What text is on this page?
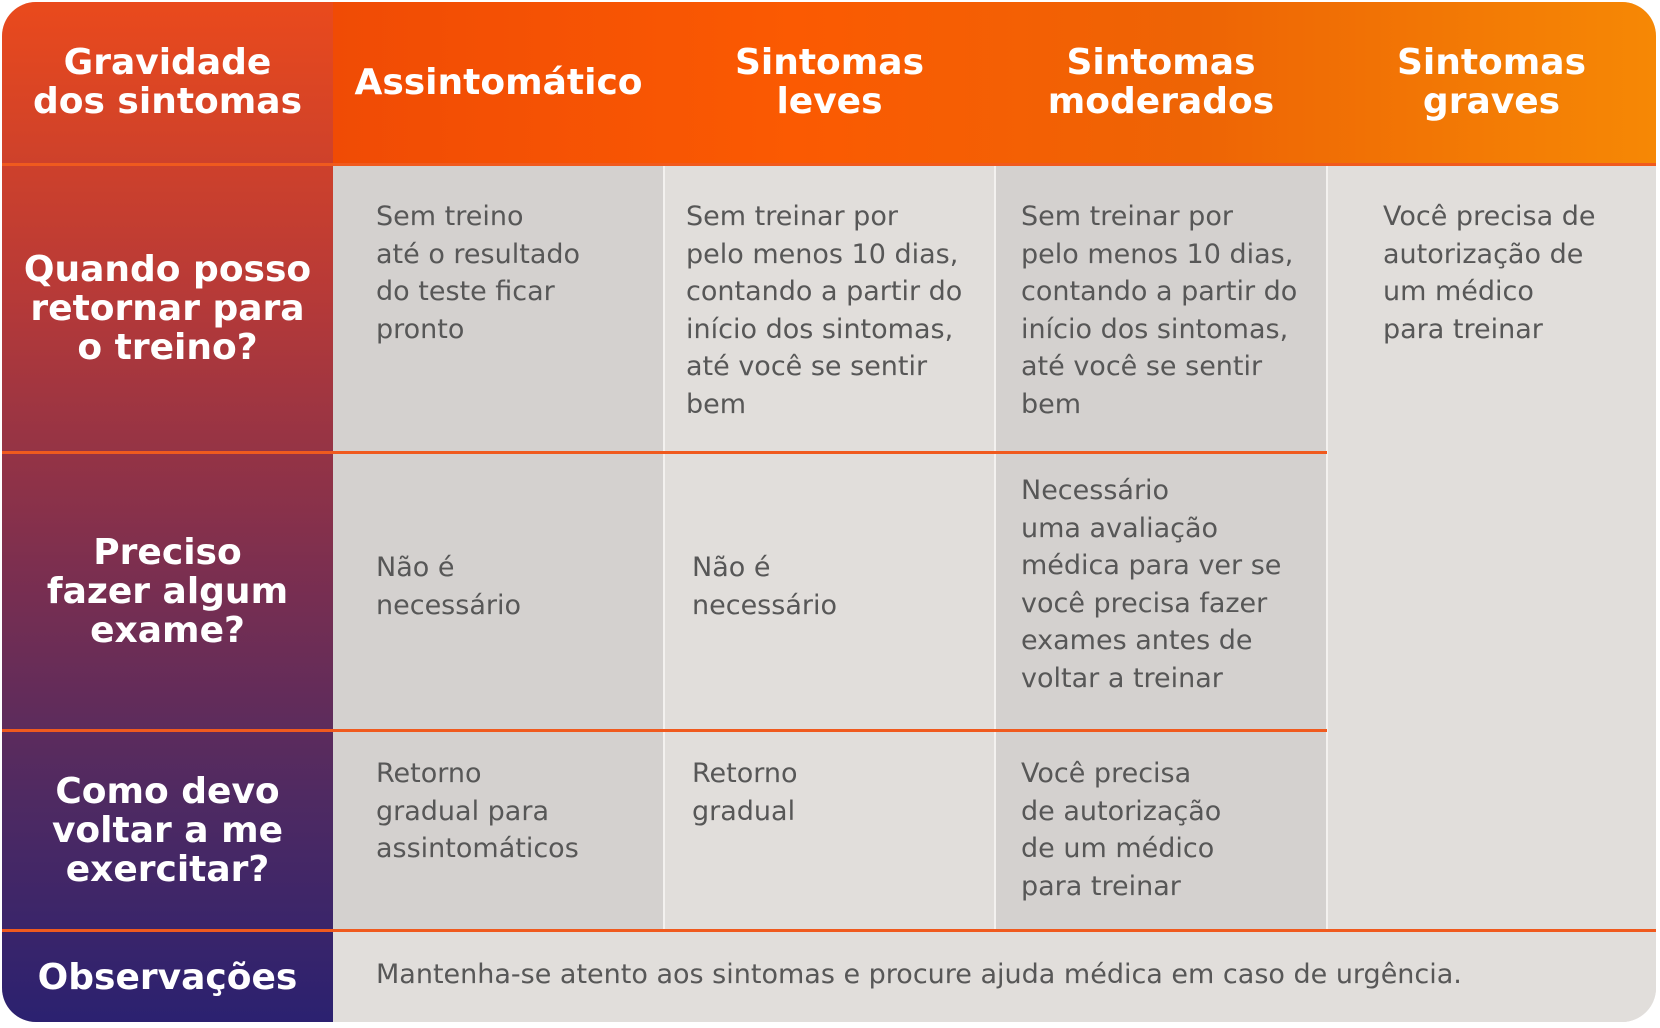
Gravidade
dos sintomas	Assintomático	Sintomas
leves
Sintomas
moderados
Sintomas
graves
Quando posso
retornar para
o treino?
Preciso
fazer algum
exame?
Como devo
voltar a me
exercitar?
Observações
Sem treino
até o resultado
do teste ficar
pronto
Sem treinar por
pelo menos 10 dias,
contando a partir do
início dos sintomas,
até você se sentir
bem
Sem treinar por
pelo menos 10 dias,
contando a partir do
início dos sintomas,
até você se sentir
bem
Não é
necessário
Não é
necessário
Necessário
uma avaliação
médica para ver se
você precisa fazer
exames antes de
voltar a treinar
Retorno
gradual para
assintomáticos
Retorno
gradual
Você precisa
de autorização
de um médico
para treinar
Você precisa de
autorização de
um médico
para treinar
Mantenha-se atento aos sintomas e procure ajuda médica em caso de urgência.
